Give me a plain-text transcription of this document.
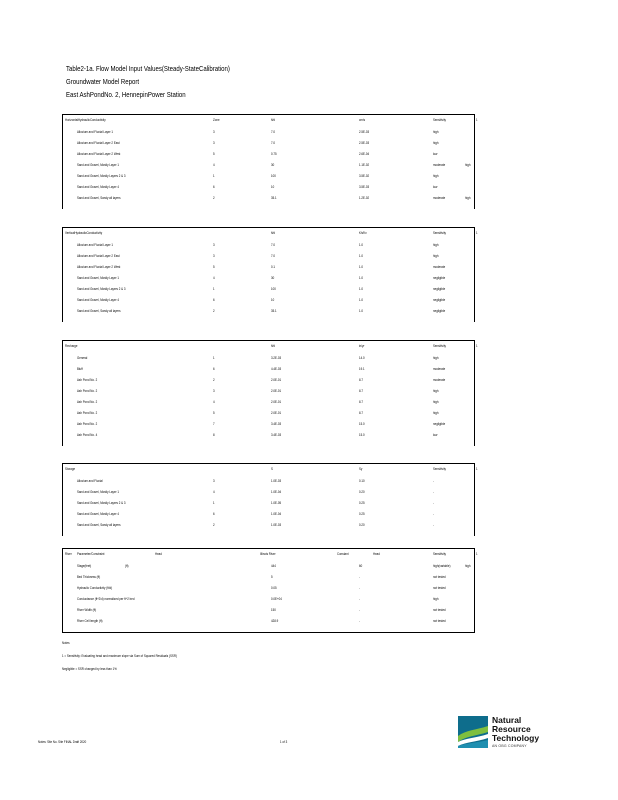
Table2-1a. Flow Model Input Values(Steady-StateCalibration)
Groundwater Model Report
East AshPondNo. 2, HennepinPower Station
HorizontalHydraulicConductivity	Zone	ft/d	cm/s	Sensitivity	1
Alluvium and Fluvial Layer 1	3	7.0	2.5E-03	high
Alluvium and Fluvial Layer 2 East	3	7.0	2.5E-03	high
Alluvium and Fluvial Layer 2 West	5	0.75	2.6E-04	low
Sand and Gravel, Mostly Layer 1	4	30	1.1E-02	moderate	high
Sand and Gravel, Mostly Layers 2 & 3	1	100	3.5E-02	high
Sand and Gravel, Mostly Layer 4	6	10	3.5E-03	low
Sand and Gravel, Sandy all layers	2	35.1	1.2E-02	moderate	high
VerticalHydraulicConductivity	ft/d	Kh/Kv	Sensitivity	1
Alluvium and Fluvial Layer 1	3	7.0	1.0	high
Alluvium and Fluvial Layer 2 East	3	7.0	1.0	high
Alluvium and Fluvial Layer 2 West	5	0.1	1.0	moderate
Sand and Gravel, Mostly Layer 1	4	30	1.0	negligible
Sand and Gravel, Mostly Layers 2 & 3	1	100	1.0	negligible
Sand and Gravel, Mostly Layer 4	6	10	1.0	negligible
Sand and Gravel, Sandy all layers	2	35.1	1.0	negligible
Recharge	ft/d	in/yr	Sensitivity	1
General	1	3.2E-03	14.0	high
Bluff	6	4.4E-03	19.1	moderate
Ash Pond No. 2	2	2.0E-01	8.7	moderate
Ash Pond No. 2	3	2.0E-01	8.7	high
Ash Pond No. 2	4	2.0E-01	8.7	high
Ash Pond No. 2	5	2.0E-01	8.7	high
Ash Pond No. 2	7	3.4E-03	15.0	negligible
Ash Pond No. 4	8	3.4E-03	15.0	low
Storage	S	Sy	Sensitivity	1
Alluvium and Fluvial	3	1.0E-03	0.10	-
Sand and Gravel, Mostly Layer 1	4	1.0E-04	0.20	-
Sand and Gravel, Mostly Layers 2 & 3	1	1.0E-05	0.25	-
Sand and Gravel, Mostly Layer 4	6	1.0E-04	0.25	-
Sand and Gravel, Sandy all layers	2	1.0E-03	0.20	-
River Parameter/Constraint	Head	Illinois River	Constant	Head	Sensitivity	1
Stage(feet)	(ft)	444	60	high(variable)	high
Bed Thickness (ft)	5	-	not tested
Hydraulic Conductivity (ft/d)	0.05	-	not tested
Conductance (ft^2/d) normalized per ft^2 bed	0.0E+04	-	high
River Width (ft)	150	-	not tested
River Cell length (ft)	428.9	-	not tested
Notes
1 = Sensitivity: Evaluating head and maximum slope via Sum of Squared Residuals (SSR)
Negligible = SSR changed by less than 1%
Notes: Site No. Site FINAL Draft 2020	1 of 3
Natural
Resource
Technology
AN OBG COMPANY
